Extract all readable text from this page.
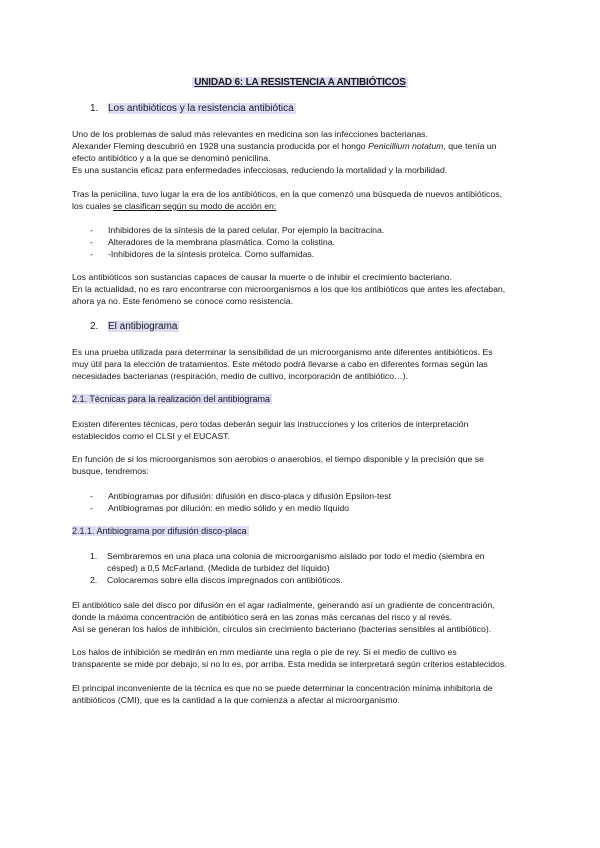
UNIDAD 6: LA RESISTENCIA A ANTIBIÓTICOS
1. Los antibióticos y la resistencia antibiótica

Uno de los problemas de salud más relevantes en medicina son las infecciones bacterianas.

Alexander Fleming descubrió en 1928 una sustancia producida por el hongo Penicillium notatum, que tenía un

efecto antibiótico y a la que se denominó penicilina.

Es una sustancia eficaz para enfermedades infecciosas, reduciendo la mortalidad y la morbilidad.

Tras la penicilina, tuvo lugar la era de los antibióticos, en la que comenzó una búsqueda de nuevos antibióticos,

los cuales se clasifican según su modo de acción en:

-	Inhibidores de la síntesis de la pared celular. Por ejemplo la bacitracina.
-	Alteradores de la membrana plasmática. Como la colistina.
-	-Inhibidores de la síntesis proteica. Como sulfamidas.

Los antibióticos son sustancias capaces de causar la muerte o de inhibir el crecimiento bacteriano.

En la actualidad, no es raro encontrarse con microorganismos a los que los antibióticos que antes les afectaban,

ahora ya no. Este fenómeno se conoce como resistencia.

2. El antibiograma

Es una prueba utilizada para determinar la sensibilidad de un microorganismo ante diferentes antibióticos. Es

muy útil para la elección de tratamientos. Este método podrá llevarse a cabo en diferentes formas según las

necesidades bacterianas (respiración, medio de cultivo, incorporación de antibiótico…).

2.1. Técnicas para la realización del antibiograma

Existen diferentes técnicas, pero todas deberán seguir las instrucciones y los criterios de interpretación

establecidos como el CLSI y el EUCAST.

En función de si los microorganismos son aerobios o anaerobios, el tiempo disponible y la precisión que se

busque, tendremos:

-	Antibiogramas por difusión: difusión en disco-placa y difusión Epsilon-test
-	Antibiogramas por dilución: en medio sólido y en medio líquido
2.1.1. Antibiograma por difusión disco-placa
1.	Sembraremos en una placa una colonia de microorganismo aislado por todo el medio (siembra en
césped) a 0,5 McFarland. (Medida de turbidez del líquido)
2.	Colocaremos sobre ella discos impregnados con antibióticos.

El antibiótico sale del disco por difusión en el agar radialmente, generando así un gradiente de concentración,

donde la máxima concentración de antibiótico será en las zonas más cercanas del risco y al revés.

Así se generan los halos de inhibición, círculos sin crecimiento bacteriano (bacterias sensibles al antibiótico).

Los halos de inhibición se medirán en mm mediante una regla o pie de rey. Si el medio de cultivo es

transparente se mide por debajo, si no lo es, por arriba. Esta medida se interpretará según criterios establecidos.

El principal inconveniente de la técnica es que no se puede determinar la concentración mínima inhibitoria de

antibióticos (CMI), que es la cantidad a la que comienza a afectar al microorganismo.
